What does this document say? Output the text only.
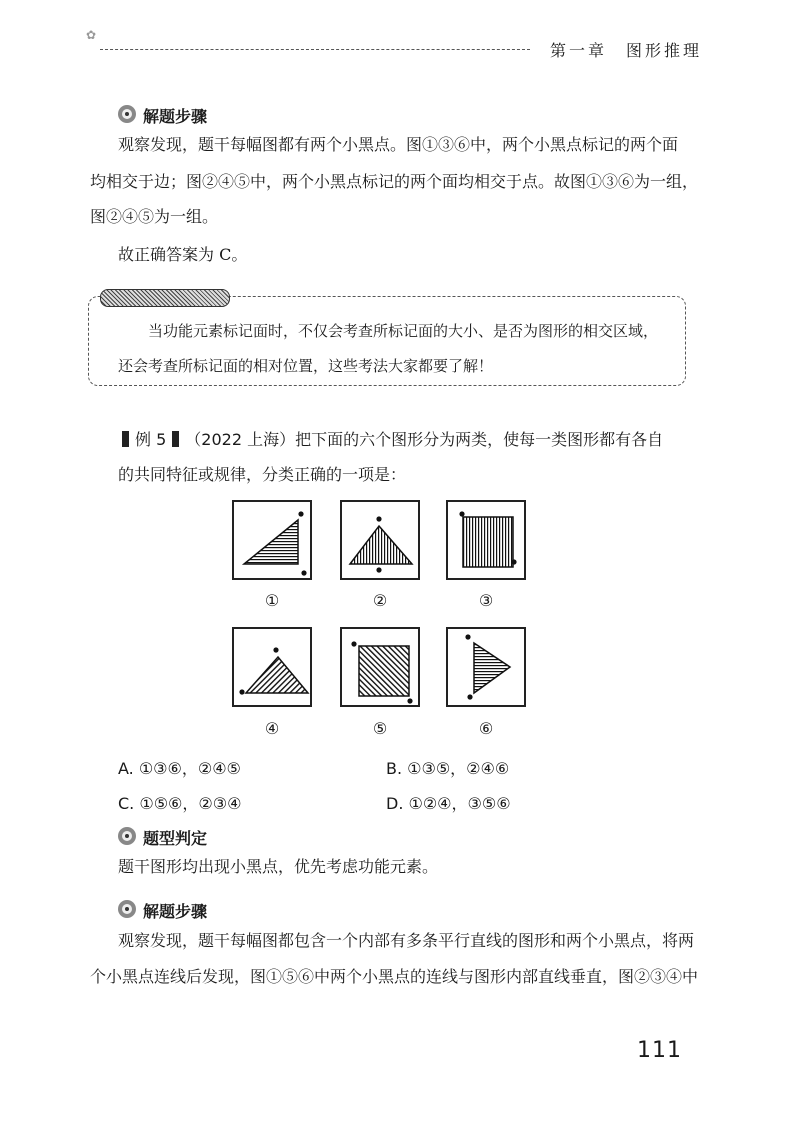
✿
第一章　图形推理
解题步骤
观察发现，题干每幅图都有两个小黑点。图①③⑥中，两个小黑点标记的两个面
均相交于边；图②④⑤中，两个小黑点标记的两个面均相交于点。故图①③⑥为一组，
图②④⑤为一组。
故正确答案为 C。
当功能元素标记面时，不仅会考查所标记面的大小、是否为图形的相交区域，
还会考查所标记面的相对位置，这些考法大家都要了解！
例 5 （2022 上海）把下面的六个图形分为两类，使每一类图形都有各自
的共同特征或规律，分类正确的一项是：
①	②	③
④	⑤	⑥
A. ①③⑥，②④⑤	B. ①③⑤，②④⑥
C. ①⑤⑥，②③④	D. ①②④，③⑤⑥
题型判定
题干图形均出现小黑点，优先考虑功能元素。
解题步骤
观察发现，题干每幅图都包含一个内部有多条平行直线的图形和两个小黑点，将两
个小黑点连线后发现，图①⑤⑥中两个小黑点的连线与图形内部直线垂直，图②③④中
111
